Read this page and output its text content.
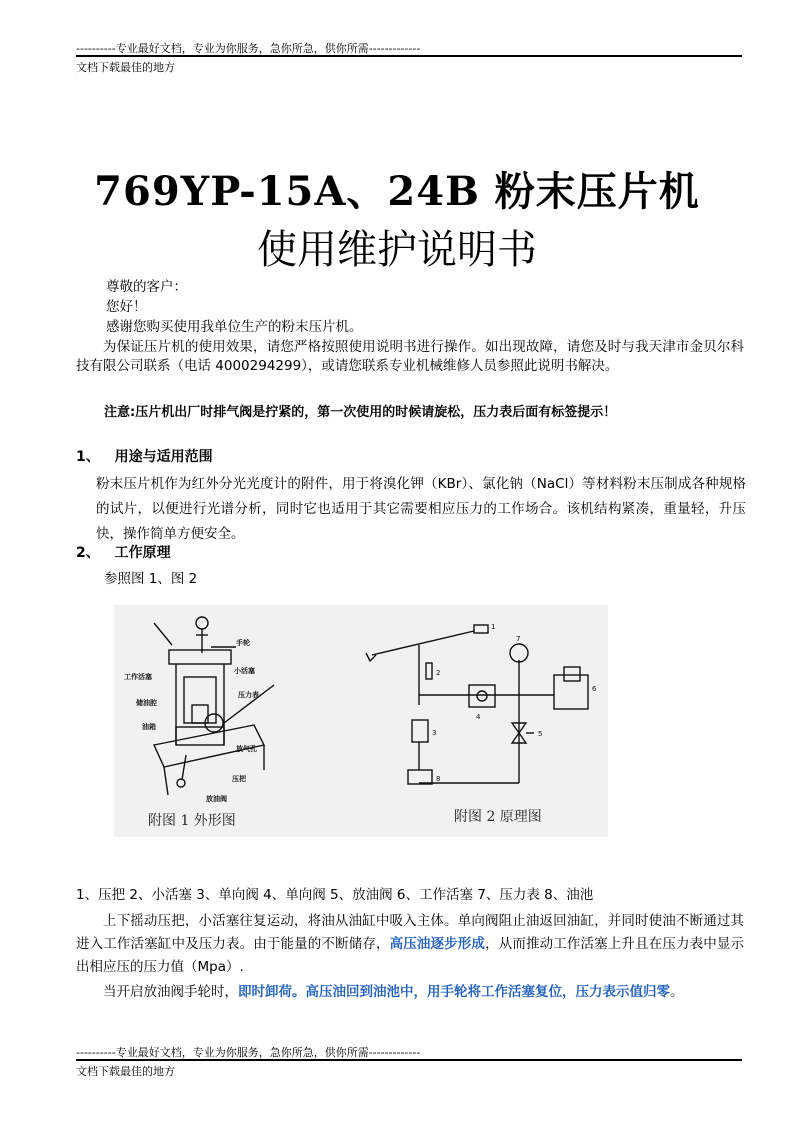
----------专业最好文档，专业为你服务，急你所急，供你所需-------------
文档下载最佳的地方
769YP-15A、24B 粉末压片机
使用维护说明书
尊敬的客户：
您好！
感谢您购买使用我单位生产的粉末压片机。
为保证压片机的使用效果，请您严格按照使用说明书进行操作。如出现故障，请您及时与我天津市金贝尔科技有限公司联系（电话 4000294299），或请您联系专业机械维修人员参照此说明书解决。
注意:压片机出厂时排气阀是拧紧的，第一次使用的时候请旋松，压力表后面有标签提示！
1、 用途与适用范围
粉末压片机作为红外分光光度计的附件，用于将溴化钾（KBr）、氯化钠（NaCl）等材料粉末压制成各种规格的试片，以便进行光谱分析，同时它也适用于其它需要相应压力的工作场合。该机结构紧凑，重量轻，升压快，操作简单方便安全。
2、 工作原理
参照图 1、图 2
手轮
工作活塞
小活塞
储油腔
压力表
油箱
放气孔
压把
放油阀
附图 1 外形图
1
2
3
4
5
6
7
8
附图 2 原理图
1、压把 2、小活塞 3、单向阀 4、单向阀 5、放油阀 6、工作活塞 7、压力表 8、油池
上下摇动压把，小活塞往复运动，将油从油缸中吸入主体。单向阀阻止油返回油缸，并同时使油不断通过其进入工作活塞缸中及压力表。由于能量的不断储存，高压油逐步形成，从而推动工作活塞上升且在压力表中显示出相应压的压力值（Mpa）.
当开启放油阀手轮时，即时卸荷。高压油回到油池中，用手轮将工作活塞复位，压力表示值归零。
----------专业最好文档，专业为你服务，急你所急，供你所需-------------
文档下载最佳的地方
